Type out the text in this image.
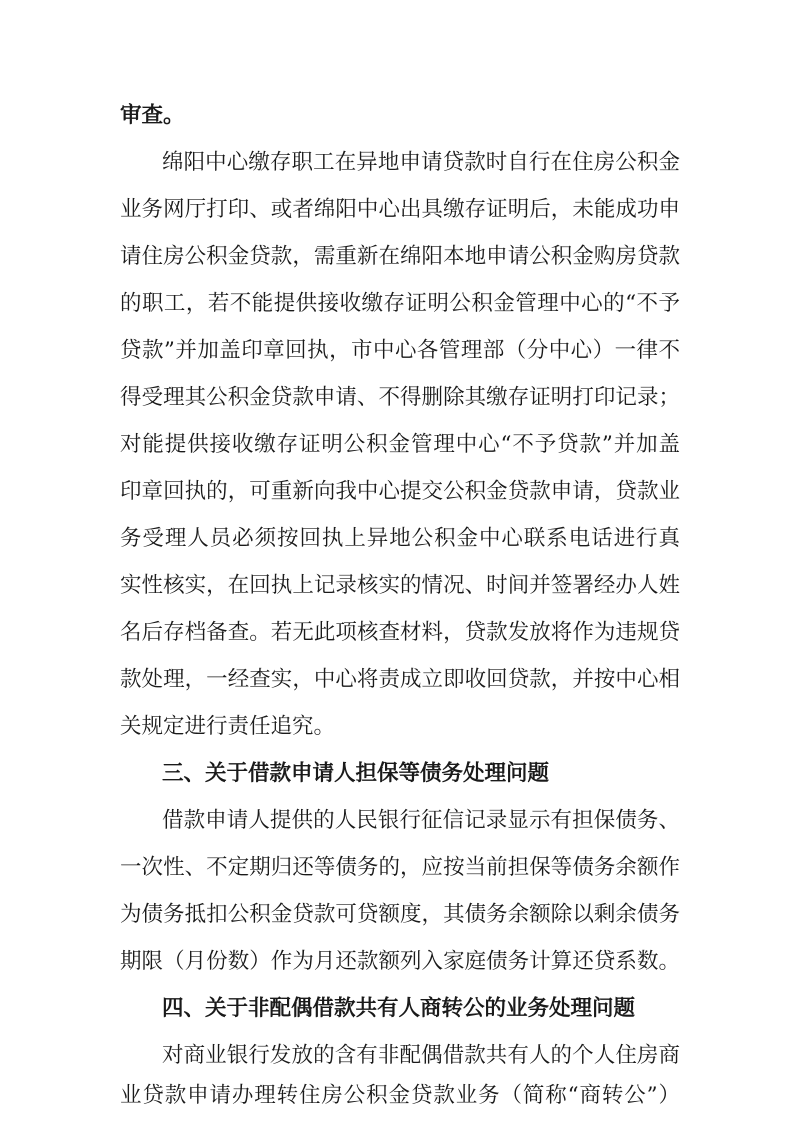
审查。
绵阳中心缴存职工在异地申请贷款时自行在住房公积金
业务网厅打印、或者绵阳中心出具缴存证明后，未能成功申
请住房公积金贷款，需重新在绵阳本地申请公积金购房贷款
的职工，若不能提供接收缴存证明公积金管理中心的“不予
贷款”并加盖印章回执，市中心各管理部（分中心）一律不
得受理其公积金贷款申请、不得删除其缴存证明打印记录；
对能提供接收缴存证明公积金管理中心“不予贷款”并加盖
印章回执的，可重新向我中心提交公积金贷款申请，贷款业
务受理人员必须按回执上异地公积金中心联系电话进行真
实性核实，在回执上记录核实的情况、时间并签署经办人姓
名后存档备查。若无此项核查材料，贷款发放将作为违规贷
款处理，一经查实，中心将责成立即收回贷款，并按中心相
关规定进行责任追究。
三、关于借款申请人担保等债务处理问题
借款申请人提供的人民银行征信记录显示有担保债务、
一次性、不定期归还等债务的，应按当前担保等债务余额作
为债务抵扣公积金贷款可贷额度，其债务余额除以剩余债务
期限（月份数）作为月还款额列入家庭债务计算还贷系数。
四、关于非配偶借款共有人商转公的业务处理问题
对商业银行发放的含有非配偶借款共有人的个人住房商
业贷款申请办理转住房公积金贷款业务（简称“商转公”）
